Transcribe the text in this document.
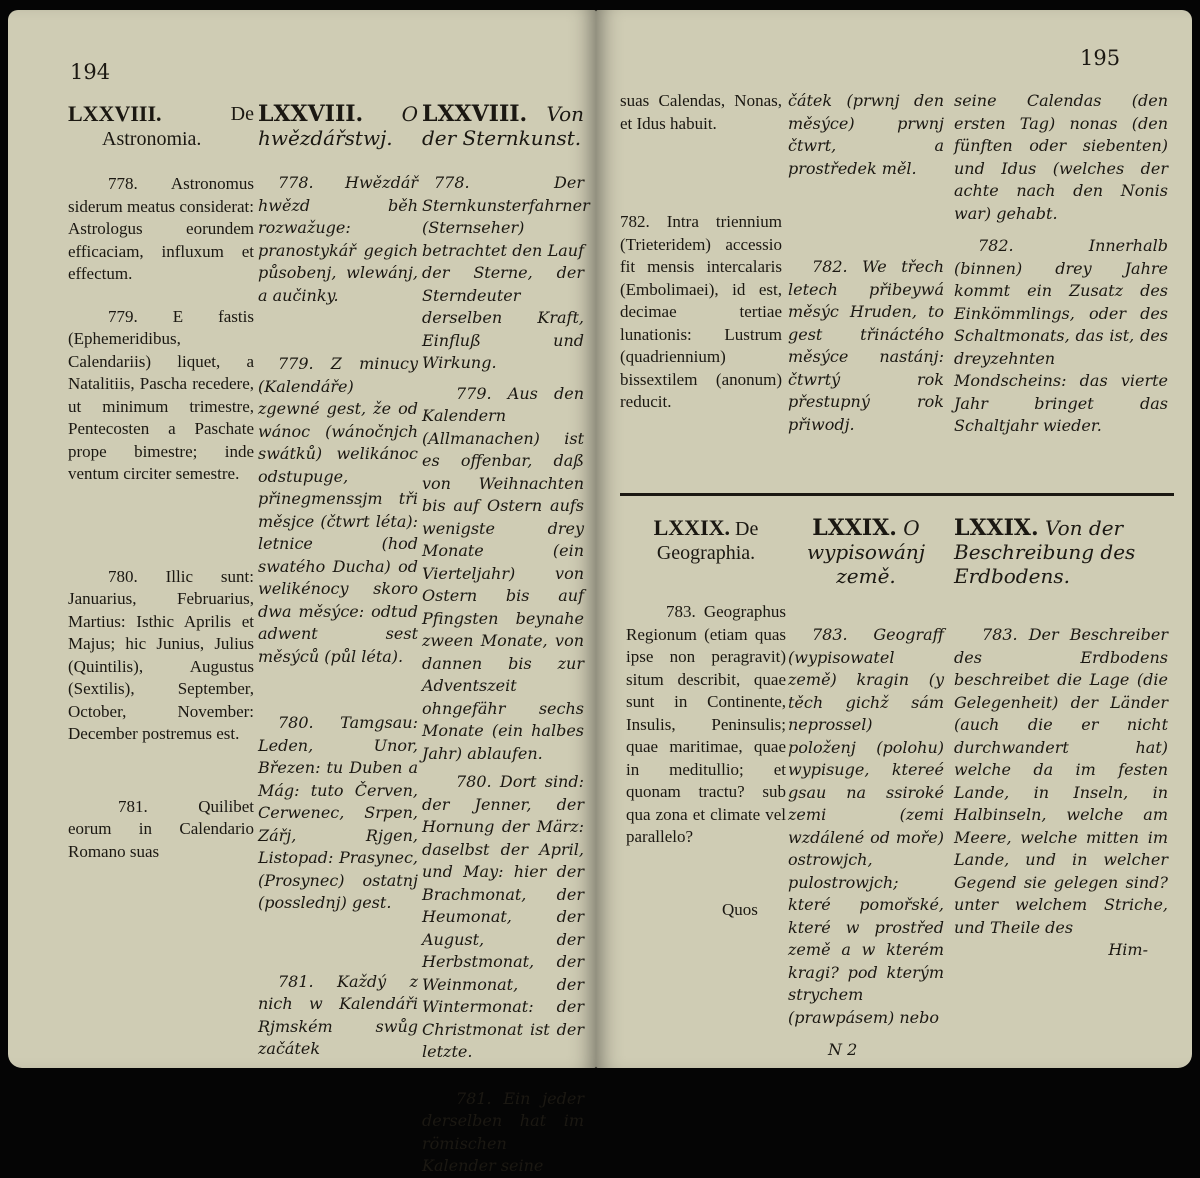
194
LXXVIII.	De
Astronomia.

778. Astronomus siderum meatus considerat: Astrologus eorundem efficaciam, influxum et effectum.

779. E fastis (Ephemeridibus, Calendariis) liquet, a Natalitiis, Pascha recedere, ut minimum trimestre, Pentecosten a Paschate prope bimestre; inde ventum circiter semestre.

780. Illic sunt: Januarius, Februarius, Martius: Isthic Aprilis et Majus; hic Junius, Julius (Quintilis), Augustus (Sextilis), September, October, November: December postremus est.

781. Quilibet eorum in Calendario Romano suas

LXXVIII. O
hwězdářstwj.

778. Hwězdář hwězd běh rozwažuge: pranostykář gegich působenj, wlewánj, a aučinky.

779. Z minucy (Kalendáře) zgewné gest, že od wánoc (wánočnjch swátků) welikánoc odstupuge, přinegmenssjm tři měsjce (čtwrt léta): letnice (hod swatého Ducha) od welikénocy skoro dwa měsýce: odtud adwent sest měsýců (půl léta).

780. Tamgsau: Leden, Unor, Březen: tu Duben a Mág: tuto Červen, Cerwenec, Srpen, Zářj, Rjgen, Listopad: Prasynec, (Prosynec) ostatnj (posslednj) gest.

781. Každý z nich w Kalendáři Rjmském swůg začátek

LXXVIII. Von
der Sternkunst.

778. Der Sternkunsterfahrner (Sternseher) betrachtet den Lauf der Sterne, der Sterndeuter derselben Kraft, Einfluß und Wirkung.

779. Aus den Kalendern (Allmanachen) ist es offenbar, daß von Weihnachten bis auf Ostern aufs wenigste drey Monate (ein Vierteljahr) von Ostern bis auf Pfingsten beynahe zween Monate, von dannen bis zur Adventszeit ohngefähr sechs Monate (ein halbes Jahr) ablaufen.

780. Dort sind: der Jenner, der Hornung der März: daselbst der April, und May: hier der Brachmonat, der Heumonat, der August, der Herbstmonat, der Weinmonat, der Wintermonat: der Christmonat ist der letzte.

781. Ein jeder derselben hat im römischen Kalender seine

195

suas Calendas, Nonas, et Idus habuit.

782. Intra triennium (Trieteridem) accessio fit mensis intercalaris (Embolimaei), id est, decimae tertiae lunationis: Lustrum (quadriennium) bissextilem (anonum) reducit.

čátek (prwnj den měsýce) prwnj čtwrt, a prostředek měl.

782. We třech letech přibeywá měsýc Hruden, to gest třináctého měsýce nastánj: čtwrtý rok přestupný rok přiwodj.

seine Calendas (den ersten Tag) nonas (den fünften oder siebenten) und Idus (welches der achte nach den Nonis war) gehabt.

782. Innerhalb (binnen) drey Jahre kommt ein Zusatz des Einkömmlings, oder des Schaltmonats, das ist, des dreyzehnten Mondscheins: das vierte Jahr bringet das Schaltjahr wieder.

LXXIX. De
Geographia.

783. Geographus Regionum (etiam quas ipse non peragravit) situm describit, quae sunt in Continente, Insulis, Peninsulis; quae maritimae, quae in meditullio; et quonam tractu? sub qua zona et climate vel parallelo?

Quos
LXXIX. O
wypisowánj země.

783. Geograff (wypisowatel země) kragin (y těch gichž sám neprossel) položenj (polohu) wypisuge, ktereé gsau na ssiroké zemi (zemi wzdálené od moře) ostrowjch, pulostrowjch; které pomořské, které w prostřed země a w kterém kragi? pod kterým strychem (prawpásem) nebo

N 2
LXXIX. Von der
Beschreibung des Erdbodens.

783. Der Beschreiber des Erdbodens beschreibet die Lage (die Gelegenheit) der Länder (auch die er nicht durchwandert hat) welche da im festen Lande, in Inseln, in Halbinseln, welche am Meere, welche mitten im Lande, und in welcher Gegend sie gelegen sind? unter welchem Striche, und Theile des

Him-
